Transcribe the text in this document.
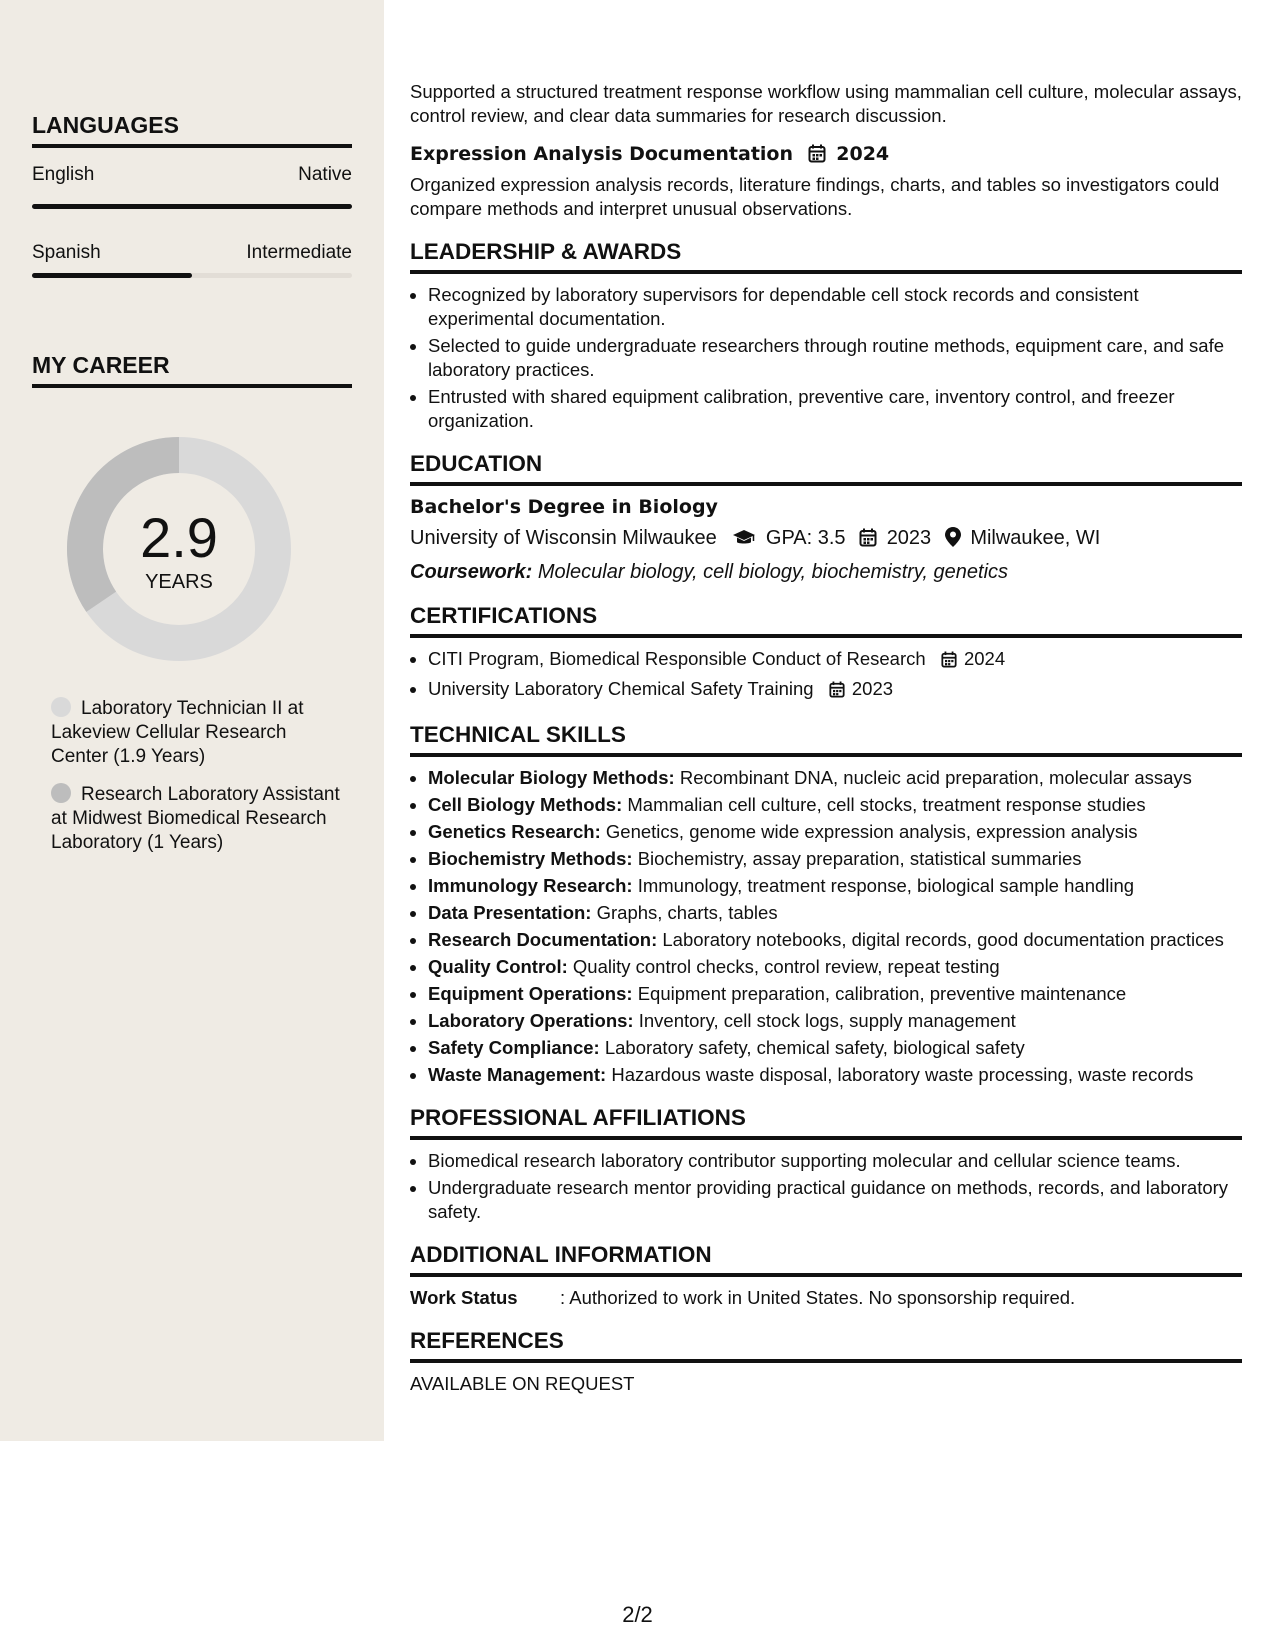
LANGUAGES
English	Native
Spanish	Intermediate
MY CAREER
2.9
YEARS
Laboratory Technician II at Lakeview Cellular Research Center (1.9 Years)
Research Laboratory Assistant at Midwest Biomedical Research Laboratory (1 Years)

Supported a structured treatment response workflow using mammalian cell culture, molecular assays, control review, and clear data summaries for research discussion.

Expression Analysis Documentation 2024

Organized expression analysis records, literature findings, charts, and tables so investigators could compare methods and interpret unusual observations.

LEADERSHIP & AWARDS
• Recognized by laboratory supervisors for dependable cell stock records and consistent experimental documentation.
• Selected to guide undergraduate researchers through routine methods, equipment care, and safe laboratory practices.
• Entrusted with shared equipment calibration, preventive care, inventory control, and freezer organization.
EDUCATION
Bachelor's Degree in Biology
University of Wisconsin Milwaukee GPA: 3.5 2023 Milwaukee, WI
Coursework: Molecular biology, cell biology, biochemistry, genetics
CERTIFICATIONS
• CITI Program, Biomedical Responsible Conduct of Research 2024
• University Laboratory Chemical Safety Training 2023
TECHNICAL SKILLS
• Molecular Biology Methods: Recombinant DNA, nucleic acid preparation, molecular assays
• Cell Biology Methods: Mammalian cell culture, cell stocks, treatment response studies
• Genetics Research: Genetics, genome wide expression analysis, expression analysis
• Biochemistry Methods: Biochemistry, assay preparation, statistical summaries
• Immunology Research: Immunology, treatment response, biological sample handling
• Data Presentation: Graphs, charts, tables
• Research Documentation: Laboratory notebooks, digital records, good documentation practices
• Quality Control: Quality control checks, control review, repeat testing
• Equipment Operations: Equipment preparation, calibration, preventive maintenance
• Laboratory Operations: Inventory, cell stock logs, supply management
• Safety Compliance: Laboratory safety, chemical safety, biological safety
• Waste Management: Hazardous waste disposal, laboratory waste processing, waste records
PROFESSIONAL AFFILIATIONS
• Biomedical research laboratory contributor supporting molecular and cellular science teams.
• Undergraduate research mentor providing practical guidance on methods, records, and laboratory safety.
ADDITIONAL INFORMATION
Work Status	: Authorized to work in United States. No sponsorship required.
REFERENCES

AVAILABLE ON REQUEST

2/2
